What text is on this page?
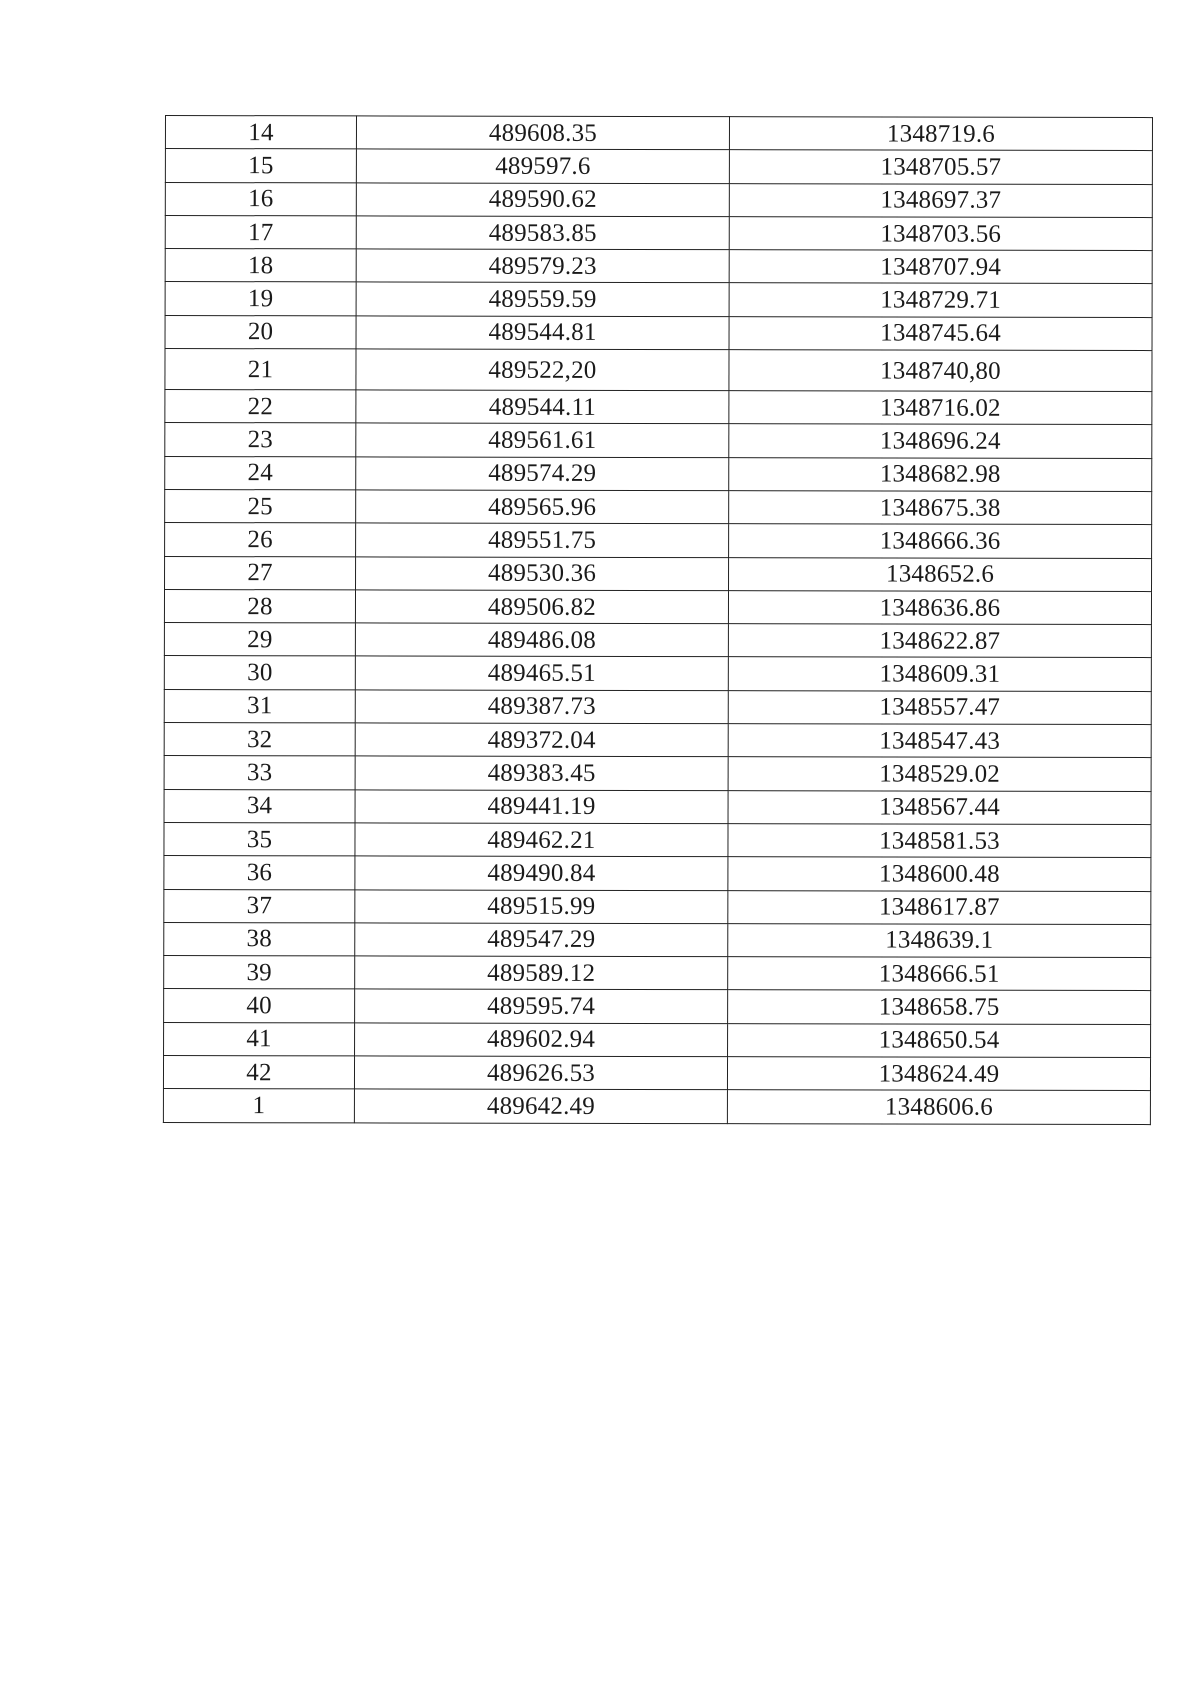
14	489608.35	1348719.6
15	489597.6	1348705.57
16	489590.62	1348697.37
17	489583.85	1348703.56
18	489579.23	1348707.94
19	489559.59	1348729.71
20	489544.81	1348745.64
21	489522,20	1348740,80
22	489544.11	1348716.02
23	489561.61	1348696.24
24	489574.29	1348682.98
25	489565.96	1348675.38
26	489551.75	1348666.36
27	489530.36	1348652.6
28	489506.82	1348636.86
29	489486.08	1348622.87
30	489465.51	1348609.31
31	489387.73	1348557.47
32	489372.04	1348547.43
33	489383.45	1348529.02
34	489441.19	1348567.44
35	489462.21	1348581.53
36	489490.84	1348600.48
37	489515.99	1348617.87
38	489547.29	1348639.1
39	489589.12	1348666.51
40	489595.74	1348658.75
41	489602.94	1348650.54
42	489626.53	1348624.49
1	489642.49	1348606.6
